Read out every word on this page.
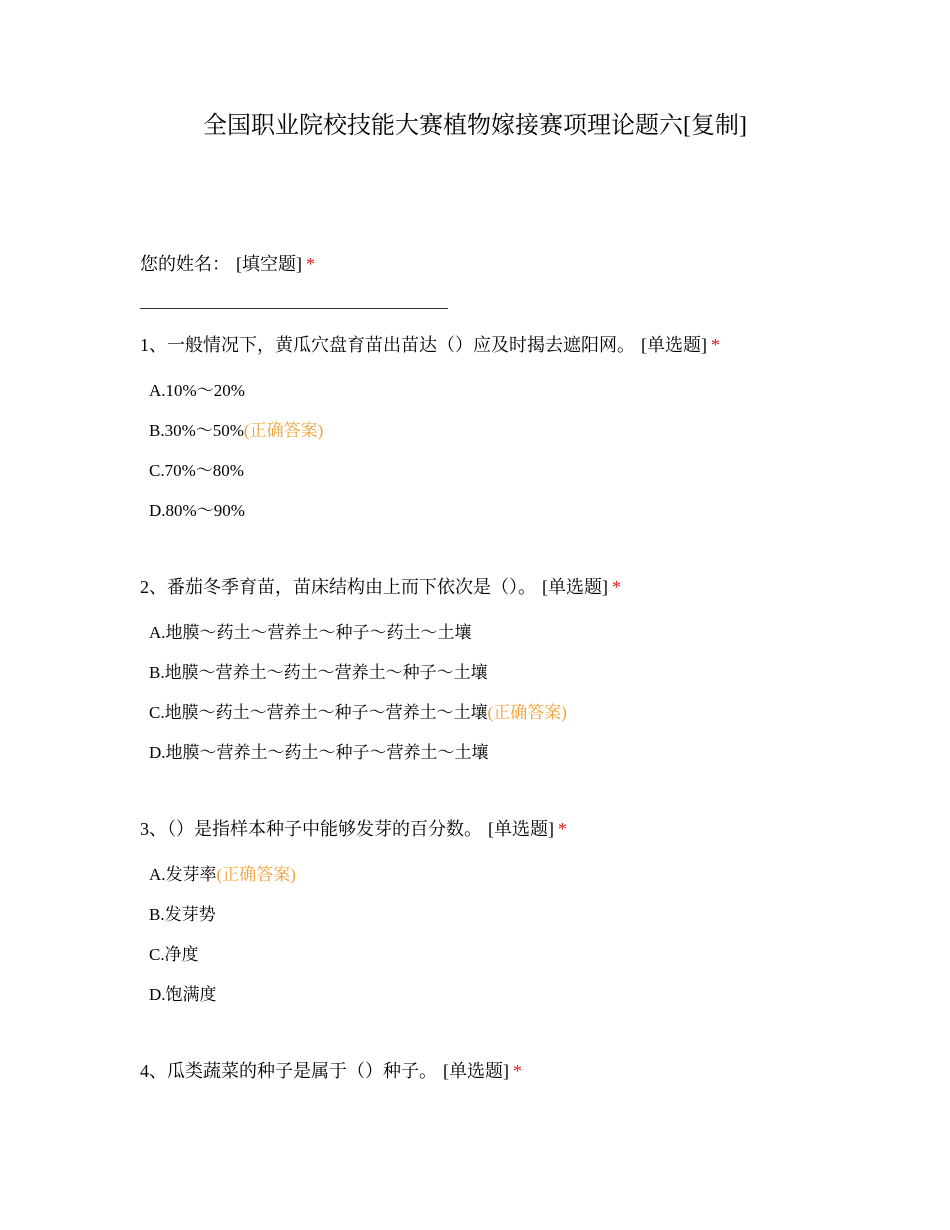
全国职业院校技能大赛植物嫁接赛项理论题六[复制]
您的姓名： [填空题] *
1、一般情况下，黄瓜穴盘育苗出苗达（）应及时揭去遮阳网。 [单选题] *
A.10%～20%
B.30%～50%(正确答案)
C.70%～80%
D.80%～90%
2、番茄冬季育苗，苗床结构由上而下依次是（）。 [单选题] *
A.地膜～药土～营养土～种子～药土～土壤
B.地膜～营养土～药土～营养土～种子～土壤
C.地膜～药土～营养土～种子～营养土～土壤(正确答案)
D.地膜～营养土～药土～种子～营养土～土壤
3、（）是指样本种子中能够发芽的百分数。 [单选题] *
A.发芽率(正确答案)
B.发芽势
C.净度
D.饱满度
4、瓜类蔬菜的种子是属于（）种子。 [单选题] *
